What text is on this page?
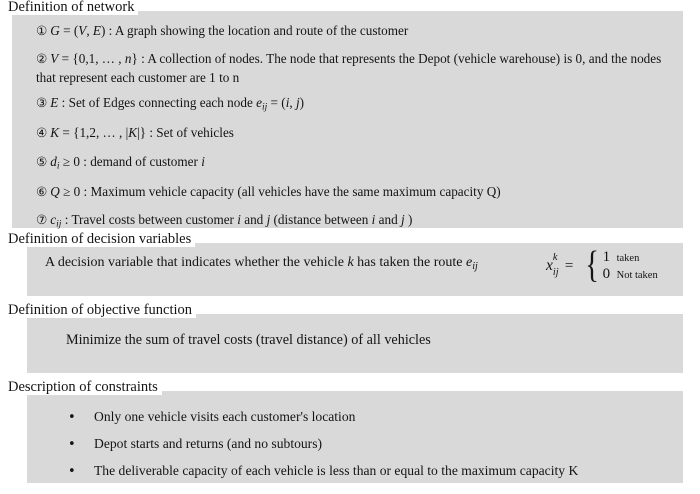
Definition of network
① G = (V, E) : A graph showing the location and route of the customer
② V = {0,1, … , n} : A collection of nodes. The node that represents the Depot (vehicle warehouse) is 0, and the nodes that represent each customer are 1 to n
③ E : Set of Edges connecting each node $e_{ij} = (i$, j)
④ K = {1,2, … , |K|} : Set of vehicles
⑤ $d_i \ge 0$ : demand of customer i
⑥ Q ≥ 0 : Maximum vehicle capacity (all vehicles have the same maximum capacity Q)
⑦ $c_{ij}$ : Travel costs between customer i and j (distance between i and j )
Definition of decision variables
A decision variable that indicates whether the vehicle k has taken the route $e_{ij}$	x ij
k = { 1 taken
0 Not taken
Definition of objective function
Minimize the sum of travel costs (travel distance) of all vehicles
Description of constraints
•	Only one vehicle visits each customer's location
•	Depot starts and returns (and no subtours)
•	The deliverable capacity of each vehicle is less than or equal to the maximum capacity K
